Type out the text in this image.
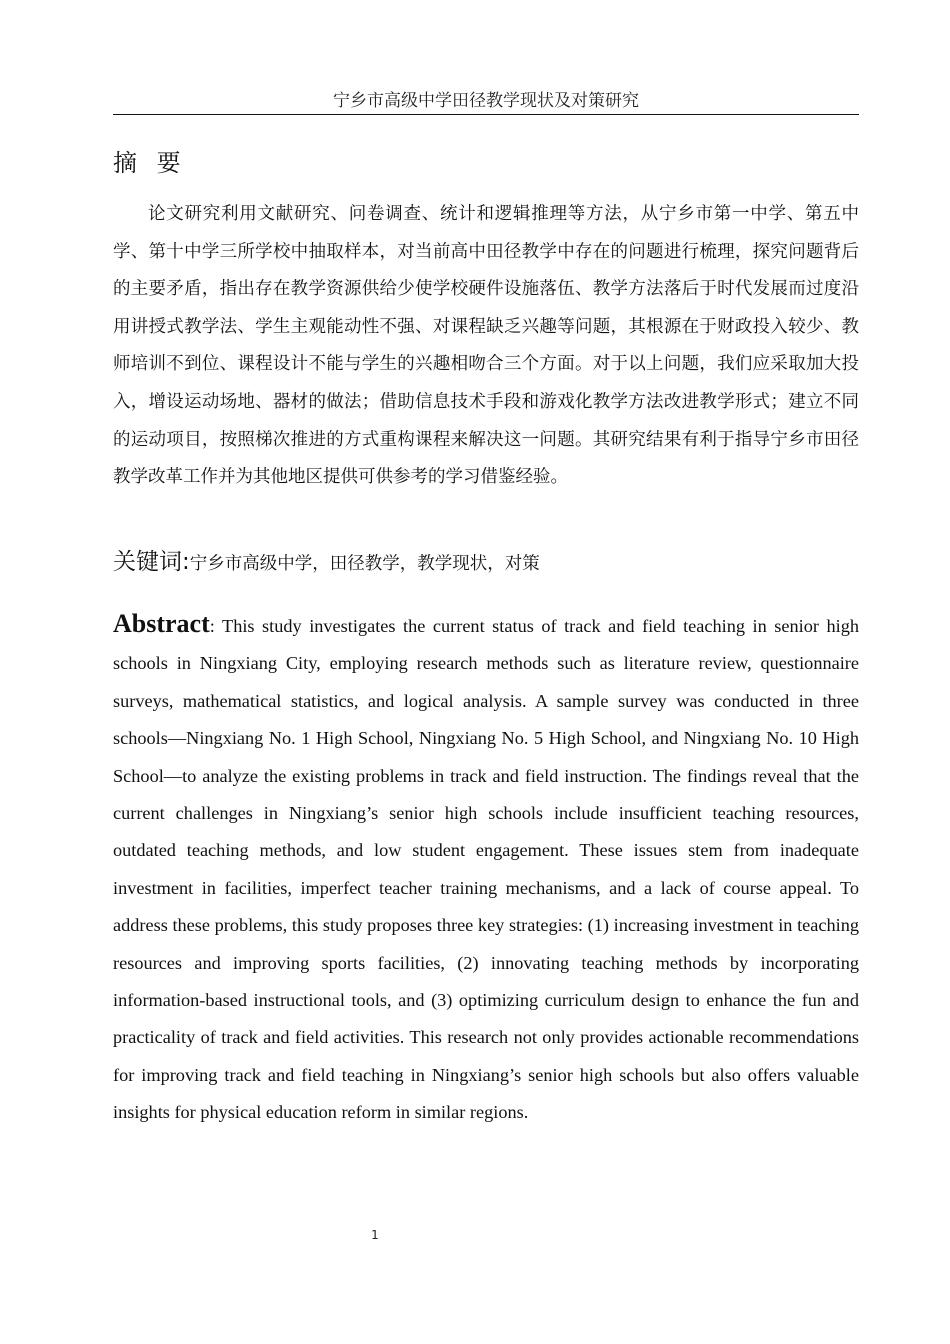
宁乡市高级中学田径教学现状及对策研究
摘 要

论文研究利用文献研究、问卷调查、统计和逻辑推理等方法，从宁乡市第一中学、第五中学、第十中学三所学校中抽取样本，对当前高中田径教学中存在的问题进行梳理，探究问题背后的主要矛盾，指出存在教学资源供给少使学校硬件设施落伍、教学方法落后于时代发展而过度沿用讲授式教学法、学生主观能动性不强、对课程缺乏兴趣等问题，其根源在于财政投入较少、教师培训不到位、课程设计不能与学生的兴趣相吻合三个方面。对于以上问题，我们应采取加大投入，增设运动场地、器材的做法；借助信息技术手段和游戏化教学方法改进教学形式；建立不同的运动项目，按照梯次推进的方式重构课程来解决这一问题。其研究结果有利于指导宁乡市田径教学改革工作并为其他地区提供可供参考的学习借鉴经验。

关键词:宁乡市高级中学，田径教学，教学现状，对策

Abstract: This study investigates the current status of track and field teaching in senior high schools in Ningxiang City, employing research methods such as literature review, questionnaire surveys, mathematical statistics, and logical analysis. A sample survey was conducted in three schools—Ningxiang No. 1 High School, Ningxiang No. 5 High School, and Ningxiang No. 10 High School—to analyze the existing problems in track and field instruction. The findings reveal that the current challenges in Ningxiang’s senior high schools include insufficient teaching resources, outdated teaching methods, and low student engagement. These issues stem from inadequate investment in facilities, imperfect teacher training mechanisms, and a lack of course appeal. To address these problems, this study proposes three key strategies: (1) increasing investment in teaching resources and improving sports facilities, (2) innovating teaching methods by incorporating information-based instructional tools, and (3) optimizing curriculum design to enhance the fun and practicality of track and field activities. This research not only provides actionable recommendations for improving track and field teaching in Ningxiang’s senior high schools but also offers valuable insights for physical education reform in similar regions.

1
